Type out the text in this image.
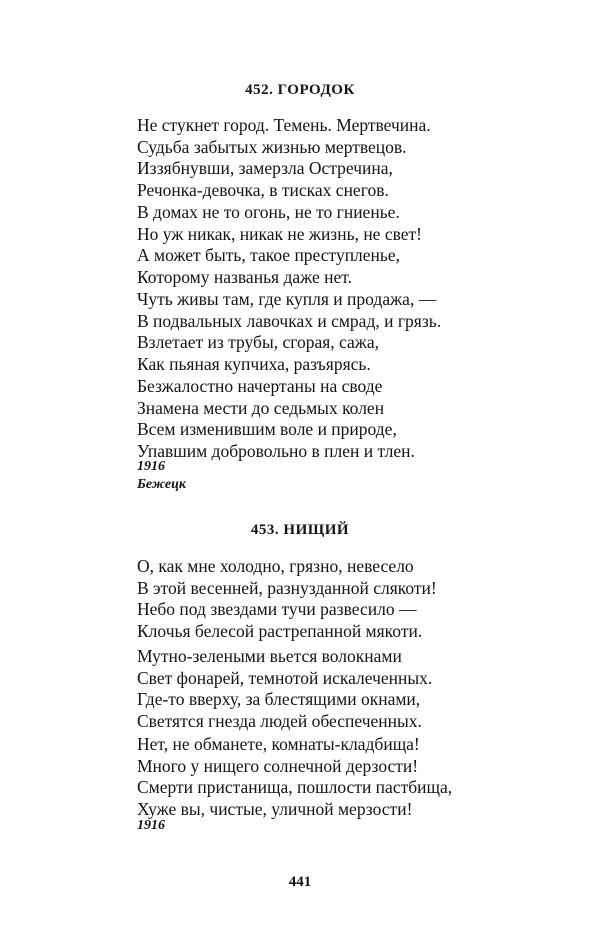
452. ГОРОДОК
Не стукнет город. Темень. Мертвечина.
Судьба забытых жизнью мертвецов.
Иззябнувши, замерзла Остречина,
Речонка-девочка, в тисках снегов.
В домах не то огонь, не то гниенье.
Но уж никак, никак не жизнь, не свет!
А может быть, такое преступленье,
Которому названья даже нет.
Чуть живы там, где купля и продажа, —
В подвальных лавочках и смрад, и грязь.
Взлетает из трубы, сгорая, сажа,
Как пьяная купчиха, разъярясь.
Безжалостно начертаны на своде
Знамена мести до седьмых колен
Всем изменившим воле и природе,
Упавшим добровольно в плен и тлен.
1916
Бежецк
453. НИЩИЙ
О, как мне холодно, грязно, невесело
В этой весенней, разнузданной слякоти!
Небо под звездами тучи развесило —
Клочья белесой растрепанной мякоти.
Мутно-зелеными вьется волокнами
Свет фонарей, темнотой искалеченных.
Где-то вверху, за блестящими окнами,
Светятся гнезда людей обеспеченных.
Нет, не обманете, комнаты-кладбища!
Много у нищего солнечной дерзости!
Смерти пристанища, пошлости пастбища,
Хуже вы, чистые, уличной мерзости!
1916
441
